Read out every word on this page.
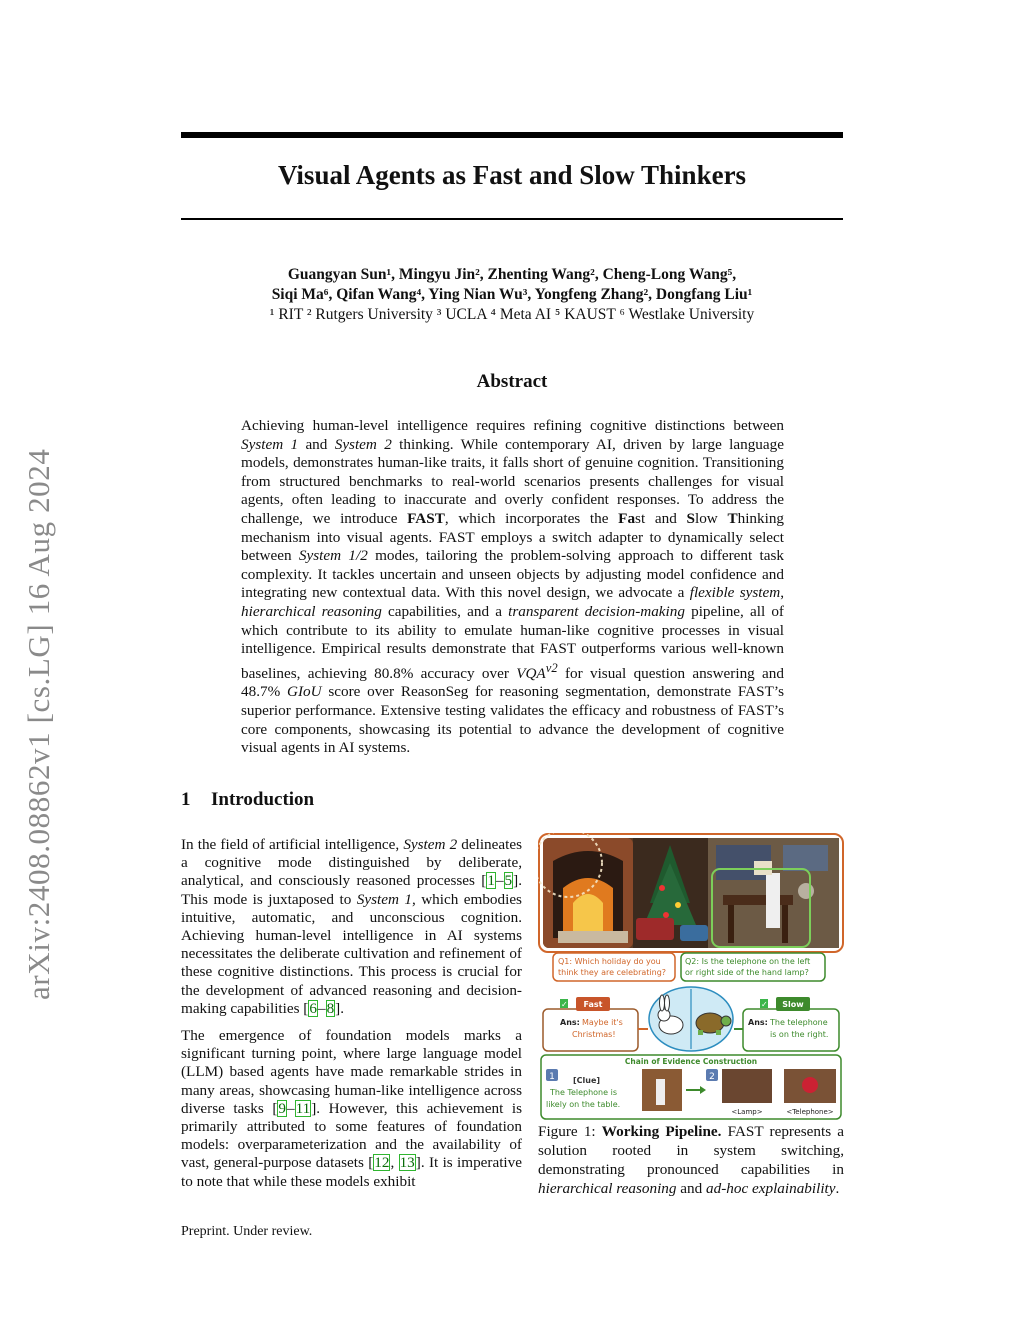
arXiv:2408.08862v1 [cs.LG] 16 Aug 2024
Visual Agents as Fast and Slow Thinkers
Guangyan Sun¹, Mingyu Jin², Zhenting Wang², Cheng-Long Wang⁵,
Siqi Ma⁶, Qifan Wang⁴, Ying Nian Wu³, Yongfeng Zhang², Dongfang Liu¹
¹ RIT ² Rutgers University ³ UCLA ⁴ Meta AI ⁵ KAUST ⁶ Westlake University
Abstract
Achieving human-level intelligence requires refining cognitive distinctions between System 1 and System 2 thinking. While contemporary AI, driven by large language models, demonstrates human-like traits, it falls short of genuine cognition. Transitioning from structured benchmarks to real-world scenarios presents challenges for visual agents, often leading to inaccurate and overly confident responses. To address the challenge, we introduce FAST, which incorporates the Fast and Slow Thinking mechanism into visual agents. FAST employs a switch adapter to dynamically select between System 1/2 modes, tailoring the problem-solving approach to different task complexity. It tackles uncertain and unseen objects by adjusting model confidence and integrating new contextual data. With this novel design, we advocate a flexible system, hierarchical reasoning capabilities, and a transparent decision-making pipeline, all of which contribute to its ability to emulate human-like cognitive processes in visual intelligence. Empirical results demonstrate that FAST outperforms various well-known baselines, achieving 80.8% accuracy over $VQA^{v2}$ for visual question answering and 48.7% GIoU score over ReasonSeg for reasoning segmentation, demonstrate FAST’s superior performance. Extensive testing validates the efficacy and robustness of FAST’s core components, showcasing its potential to advance the development of cognitive visual agents in AI systems.
1 Introduction

In the field of artificial intelligence, System 2 delineates a cognitive mode distinguished by deliberate, analytical, and consciously reasoned processes [1–5]. This mode is juxtaposed to System 1, which embodies intuitive, automatic, and unconscious cognition. Achieving human-level intelligence in AI systems necessitates the deliberate cultivation and refinement of these cognitive distinctions. This process is crucial for the development of advanced reasoning and decision-making capabilities [6–8].

The emergence of foundation models marks a significant turning point, where large language model (LLM) based agents have made remarkable strides in many areas, showcasing human-like intelligence across diverse tasks [9–11]. However, this achievement is primarily attributed to some features of foundation models: overparameterization and the availability of vast, general-purpose datasets [12, 13]. It is imperative to note that while these models exhibit

Q1: Which holiday do you
think they are celebrating?
Q2: Is the telephone on the left
or right side of the hand lamp?
✓ Fast
Ans: Maybe it's
Christmas!
✓ Slow
Ans: The telephone
is on the right.
Chain of Evidence Construction
1 [Clue]
The Telephone is
likely on the table.
2
<Lamp>	<Telephone>
Figure 1: Working Pipeline. FAST represents a solution rooted in system switching, demonstrating pronounced capabilities in hierarchical reasoning and ad-hoc explainability.
Preprint. Under review.
